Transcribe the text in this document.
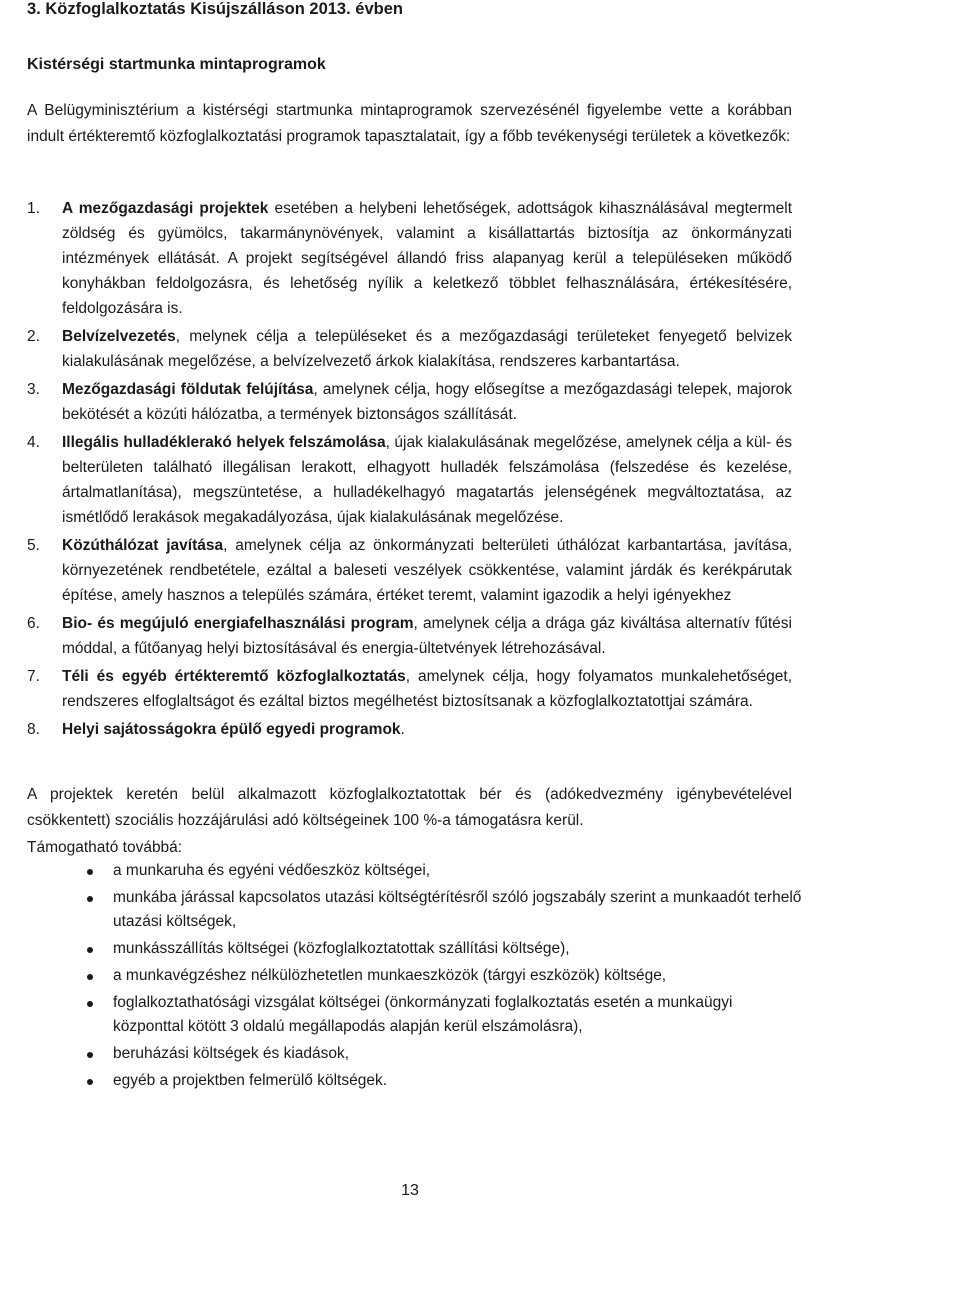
3. Közfoglalkoztatás Kisújszálláson 2013. évben
Kistérségi startmunka mintaprogramok

A Belügyminisztérium a kistérségi startmunka mintaprogramok szervezésénél figyelembe vette a korábban indult értékteremtő közfoglalkoztatási programok tapasztalatait, így a főbb tevékenységi területek a következők:

1. A mezőgazdasági projektek esetében a helybeni lehetőségek, adottságok kihasználásával megtermelt zöldség és gyümölcs, takarmánynövények, valamint a kisállattartás biztosítja az önkormányzati intézmények ellátását. A projekt segítségével állandó friss alapanyag kerül a településeken működő konyhákban feldolgozásra, és lehetőség nyílik a keletkező többlet felhasználására, értékesítésére, feldolgozására is.
2. Belvízelvezetés, melynek célja a településeket és a mezőgazdasági területeket fenyegető belvizek kialakulásának megelőzése, a belvízelvezető árkok kialakítása, rendszeres karbantartása.
3. Mezőgazdasági földutak felújítása, amelynek célja, hogy elősegítse a mezőgazdasági telepek, majorok bekötését a közúti hálózatba, a termények biztonságos szállítását.
4. Illegális hulladéklerakó helyek felszámolása, újak kialakulásának megelőzése, amelynek célja a kül- és belterületen található illegálisan lerakott, elhagyott hulladék felszámolása (felszedése és kezelése, ártalmatlanítása), megszüntetése, a hulladékelhagyó magatartás jelenségének megváltoztatása, az ismétlődő lerakások megakadályozása, újak kialakulásának megelőzése.
5. Közúthálózat javítása, amelynek célja az önkormányzati belterületi úthálózat karbantartása, javítása, környezetének rendbetétele, ezáltal a baleseti veszélyek csökkentése, valamint járdák és kerékpárutak építése, amely hasznos a település számára, értéket teremt, valamint igazodik a helyi igényekhez
6. Bio- és megújuló energiafelhasználási program, amelynek célja a drága gáz kiváltása alternatív fűtési móddal, a fűtőanyag helyi biztosításával és energia-ültetvények létrehozásával.
7. Téli és egyéb értékteremtő közfoglalkoztatás, amelynek célja, hogy folyamatos munkalehetőséget, rendszeres elfoglaltságot és ezáltal biztos megélhetést biztosítsanak a közfoglalkoztatottjai számára.
8. Helyi sajátosságokra épülő egyedi programok.

A projektek keretén belül alkalmazott közfoglalkoztatottak bér és (adókedvezmény igénybevételével csökkentett) szociális hozzájárulási adó költségeinek 100 %-a támogatásra kerül.

Támogatható továbbá:

a munkaruha és egyéni védőeszköz költségei,
munkába járással kapcsolatos utazási költségtérítésről szóló jogszabály szerint a munkaadót terhelő utazási költségek,
munkásszállítás költségei (közfoglalkoztatottak szállítási költsége),
a munkavégzéshez nélkülözhetetlen munkaeszközök (tárgyi eszközök) költsége,
foglalkoztathatósági vizsgálat költségei (önkormányzati foglalkoztatás esetén a munkaügyi központtal kötött 3 oldalú megállapodás alapján kerül elszámolásra),
beruházási költségek és kiadások,
egyéb a projektben felmerülő költségek.
13
